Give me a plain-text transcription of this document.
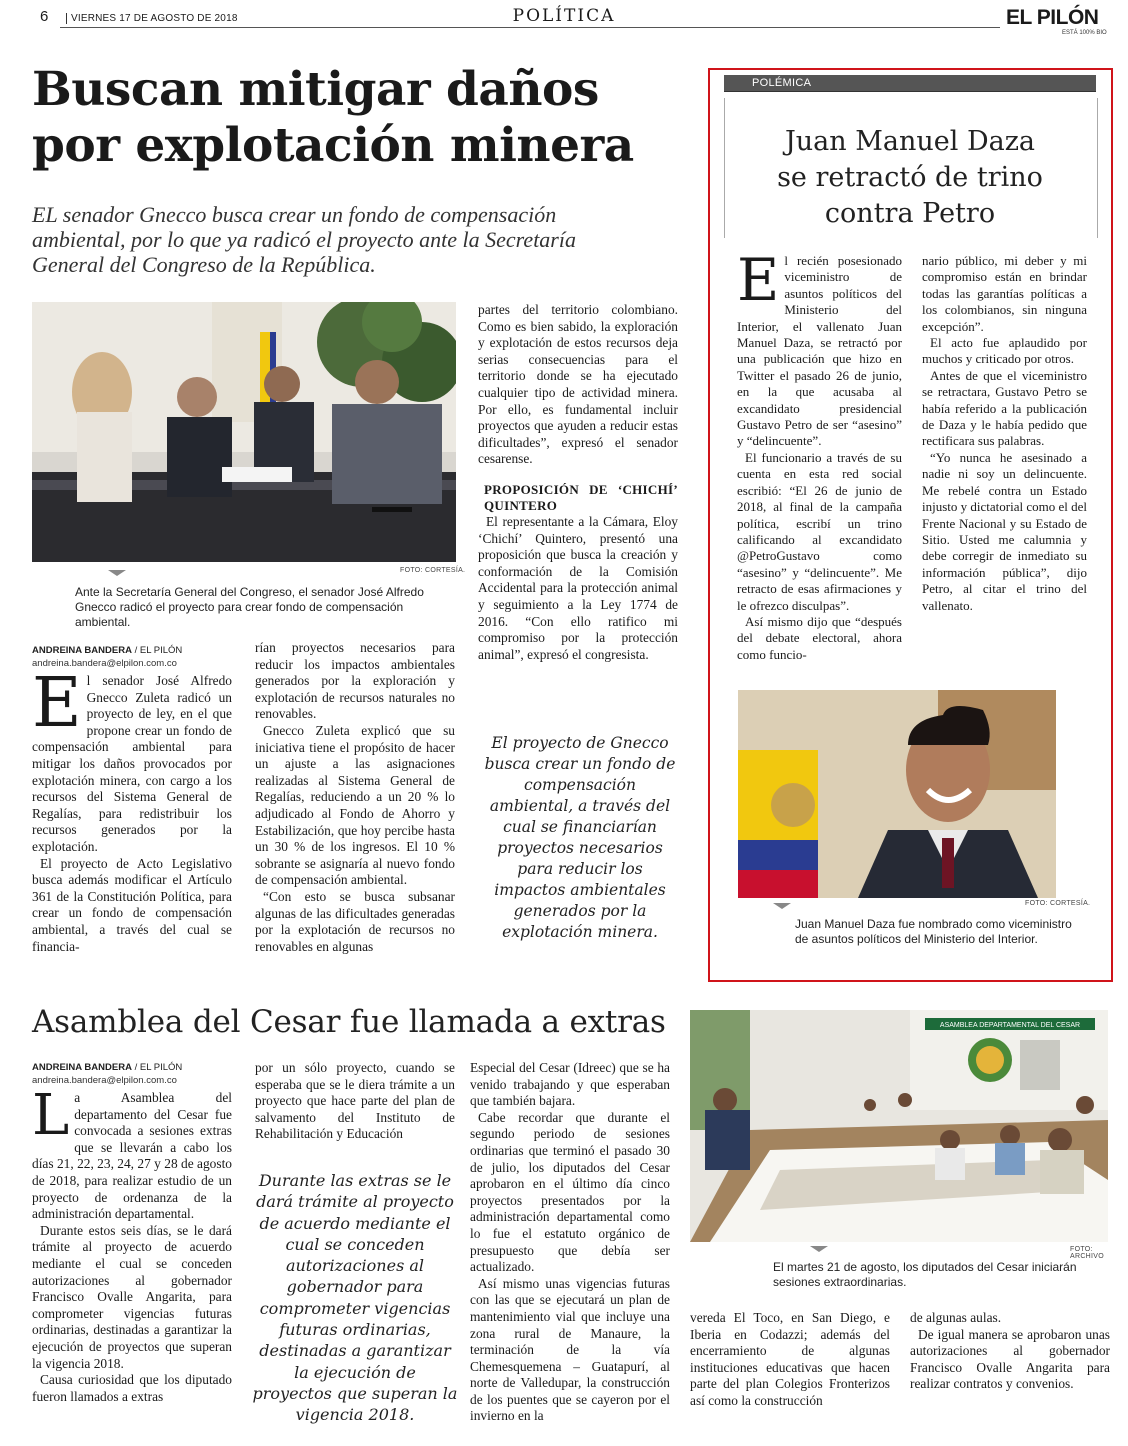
6	VIERNES 17 DE AGOSTO DE 2018	POLÍTICA	EL PILÓN
ESTÁ 100% BIO
Buscan mitigar daños por explotación minera
EL senador Gnecco busca crear un fondo de compensación ambiental, por lo que ya radicó el proyecto ante la Secretaría General del Congreso de la República.
FOTO: CORTESÍA.
Ante la Secretaría General del Congreso, el senador José Alfredo Gnecco radicó el proyecto para crear fondo de compensación ambiental.
ANDREINA BANDERA / EL PILÓN
andreina.bandera@elpilon.com.co
E l senador José Alfredo Gnecco Zuleta radicó un proyecto de ley, en el que propone crear un fondo de compensación ambiental para mitigar los daños provocados por explotación minera, con cargo a los recursos del Sistema General de Regalías, para redistribuir los recursos generados por la explotación.

El proyecto de Acto Legislativo busca además modificar el Artículo 361 de la Constitución Política, para crear un fondo de compensación ambiental, a través del cual se financia-

rían proyectos necesarios para reducir los impactos ambientales generados por la exploración y explotación de recursos naturales no renovables.

Gnecco Zuleta explicó que su iniciativa tiene el propósito de hacer un ajuste a las asignaciones realizadas al Sistema General de Regalías, reduciendo a un 20 % lo adjudicado al Fondo de Ahorro y Estabilización, que hoy percibe hasta un 30 % de los ingresos. El 10 % sobrante se asignaría al nuevo fondo de compensación ambiental.

“Con esto se busca subsanar algunas de las dificultades generadas por la explotación de recursos no renovables en algunas

partes del territorio colombiano. Como es bien sabido, la exploración y explotación de estos recursos deja serias consecuencias para el territorio donde se ha ejecutado cualquier tipo de actividad minera. Por ello, es fundamental incluir proyectos que ayuden a reducir estas dificultades”, expresó el senador cesarense.

PROPOSICIÓN DE ‘CHICHÍ’ QUINTERO

El representante a la Cámara, Eloy ‘Chichí’ Quintero, presentó una proposición que busca la creación y conformación de la Comisión Accidental para la protección animal y seguimiento a la Ley 1774 de 2016. “Con ello ratifico mi compromiso por la protección animal”, expresó el congresista.

El proyecto de Gnecco busca crear un fondo de compensación ambiental, a través del cual se financiarían proyectos necesarios para reducir los impactos ambientales generados por la explotación minera.
POLÉMICA
Juan Manuel Daza
se retractó de trino
contra Petro
E l recién posesionado viceministro de asuntos políticos del Ministerio del Interior, el vallenato Juan Manuel Daza, se retractó por una publicación que hizo en Twitter el pasado 26 de junio, en la que acusaba al excandidato presidencial Gustavo Petro de ser “asesino” y “delincuente”.

El funcionario a través de su cuenta en esta red social escribió: “El 26 de junio de 2018, al final de la campaña política, escribí un trino calificando al excandidato @PetroGustavo como “asesino” y “delincuente”. Me retracto de esas afirmaciones y le ofrezco disculpas”.

Así mismo dijo que “después del debate electoral, ahora como funcio-

nario público, mi deber y mi compromiso están en brindar todas las garantías políticas a los colombianos, sin ninguna excepción”.

El acto fue aplaudido por muchos y criticado por otros.

Antes de que el viceministro se retractara, Gustavo Petro se había referido a la publicación de Daza y le había pedido que rectificara sus palabras.

“Yo nunca he asesinado a nadie ni soy un delincuente. Me rebelé contra un Estado injusto y dictatorial como el del Frente Nacional y su Estado de Sitio. Usted me calumnia y debe corregir de inmediato su información pública”, dijo Petro, al citar el trino del vallenato.

FOTO: CORTESÍA.
Juan Manuel Daza fue nombrado como viceministro de asuntos políticos del Ministerio del Interior.
Asamblea del Cesar fue llamada a extras
ANDREINA BANDERA / EL PILÓN
andreina.bandera@elpilon.com.co
L a Asamblea del departamento del Cesar fue convocada a sesiones extras que se llevarán a cabo los días 21, 22, 23, 24, 27 y 28 de agosto de 2018, para realizar estudio de un proyecto de ordenanza de la administración departamental.

Durante estos seis días, se le dará trámite al proyecto de acuerdo mediante el cual se conceden autorizaciones al gobernador Francisco Ovalle Angarita, para comprometer vigencias futuras ordinarias, destinadas a garantizar la ejecución de proyectos que superan la vigencia 2018.

Causa curiosidad que los diputado fueron llamados a extras

por un sólo proyecto, cuando se esperaba que se le diera trámite a un proyecto que hace parte del plan de salvamento del Instituto de Rehabilitación y Educación

Durante las extras se le dará trámite al proyecto de acuerdo mediante el cual se conceden autorizaciones al gobernador para comprometer vigencias futuras ordinarias, destinadas a garantizar la ejecución de proyectos que superan la vigencia 2018.

Especial del Cesar (Idreec) que se ha venido trabajando y que esperaban que también bajara.

Cabe recordar que durante el segundo periodo de sesiones ordinarias que terminó el pasado 30 de julio, los diputados del Cesar aprobaron en el último día cinco proyectos presentados por la administración departamental como lo fue el estatuto orgánico de presupuesto que debía ser actualizado.

Así mismo unas vigencias futuras con las que se ejecutará un plan de mantenimiento vial que incluye una zona rural de Manaure, la terminación de la vía Chemesquemena – Guatapurí, al norte de Valledupar, la construcción de los puentes que se cayeron por el invierno en la

ASAMBLEA DEPARTAMENTAL DEL CESAR
FOTO: ARCHIVO
El martes 21 de agosto, los diputados del Cesar iniciarán sesiones extraordinarias.

vereda El Toco, en San Diego, e Iberia en Codazzi; además del encerramiento de algunas instituciones educativas que hacen parte del plan Colegios Fronterizos así como la construcción

de algunas aulas.

De igual manera se aprobaron unas autorizaciones al gobernador Francisco Ovalle Angarita para realizar contratos y convenios.
